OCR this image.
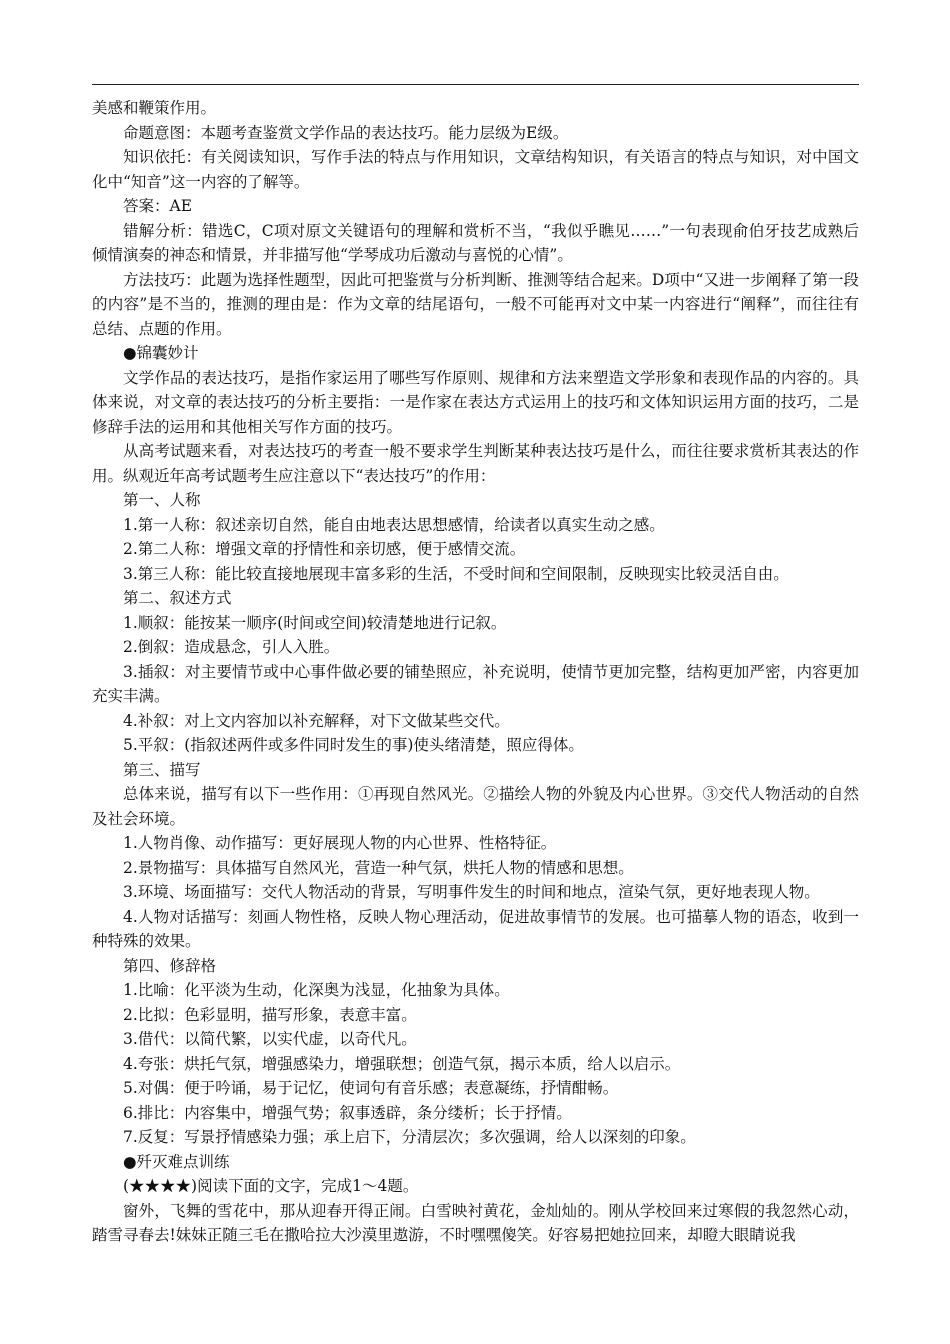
美感和鞭策作用。

命题意图：本题考查鉴赏文学作品的表达技巧。能力层级为E级。

知识依托：有关阅读知识，写作手法的特点与作用知识，文章结构知识，有关语言的特点与知识，对中国文化中“知音”这一内容的了解等。

答案：AE

错解分析：错选C，C项对原文关键语句的理解和赏析不当，“我似乎瞧见……”一句表现俞伯牙技艺成熟后倾情演奏的神态和情景，并非描写他“学琴成功后激动与喜悦的心情”。

方法技巧：此题为选择性题型，因此可把鉴赏与分析判断、推测等结合起来。D项中“又进一步阐释了第一段的内容”是不当的，推测的理由是：作为文章的结尾语句，一般不可能再对文中某一内容进行“阐释”，而往往有总结、点题的作用。

●锦囊妙计

文学作品的表达技巧，是指作家运用了哪些写作原则、规律和方法来塑造文学形象和表现作品的内容的。具体来说，对文章的表达技巧的分析主要指：一是作家在表达方式运用上的技巧和文体知识运用方面的技巧，二是修辞手法的运用和其他相关写作方面的技巧。

从高考试题来看，对表达技巧的考查一般不要求学生判断某种表达技巧是什么，而往往要求赏析其表达的作用。纵观近年高考试题考生应注意以下“表达技巧”的作用：

第一、人称

1.第一人称：叙述亲切自然，能自由地表达思想感情，给读者以真实生动之感。

2.第二人称：增强文章的抒情性和亲切感，便于感情交流。

3.第三人称：能比较直接地展现丰富多彩的生活，不受时间和空间限制，反映现实比较灵活自由。

第二、叙述方式

1.顺叙：能按某一顺序(时间或空间)较清楚地进行记叙。

2.倒叙：造成悬念，引人入胜。

3.插叙：对主要情节或中心事件做必要的铺垫照应，补充说明，使情节更加完整，结构更加严密，内容更加充实丰满。

4.补叙：对上文内容加以补充解释，对下文做某些交代。

5.平叙：(指叙述两件或多件同时发生的事)使头绪清楚，照应得体。

第三、描写

总体来说，描写有以下一些作用：①再现自然风光。②描绘人物的外貌及内心世界。③交代人物活动的自然及社会环境。

1.人物肖像、动作描写：更好展现人物的内心世界、性格特征。

2.景物描写：具体描写自然风光，营造一种气氛，烘托人物的情感和思想。

3.环境、场面描写：交代人物活动的背景，写明事件发生的时间和地点，渲染气氛，更好地表现人物。

4.人物对话描写：刻画人物性格，反映人物心理活动，促进故事情节的发展。也可描摹人物的语态，收到一种特殊的效果。

第四、修辞格

1.比喻：化平淡为生动，化深奥为浅显，化抽象为具体。

2.比拟：色彩显明，描写形象，表意丰富。

3.借代：以简代繁，以实代虚，以奇代凡。

4.夸张：烘托气氛，增强感染力，增强联想；创造气氛，揭示本质，给人以启示。

5.对偶：便于吟诵，易于记忆，使词句有音乐感；表意凝练，抒情酣畅。

6.排比：内容集中，增强气势；叙事透辟，条分缕析；长于抒情。

7.反复：写景抒情感染力强；承上启下，分清层次；多次强调，给人以深刻的印象。

●歼灭难点训练

(★★★★)阅读下面的文字，完成1～4题。

窗外，飞舞的雪花中，那从迎春开得正闹。白雪映衬黄花，金灿灿的。刚从学校回来过寒假的我忽然心动，踏雪寻春去!妹妹正随三毛在撒哈拉大沙漠里遨游，不时嘿嘿傻笑。好容易把她拉回来，却瞪大眼睛说我
